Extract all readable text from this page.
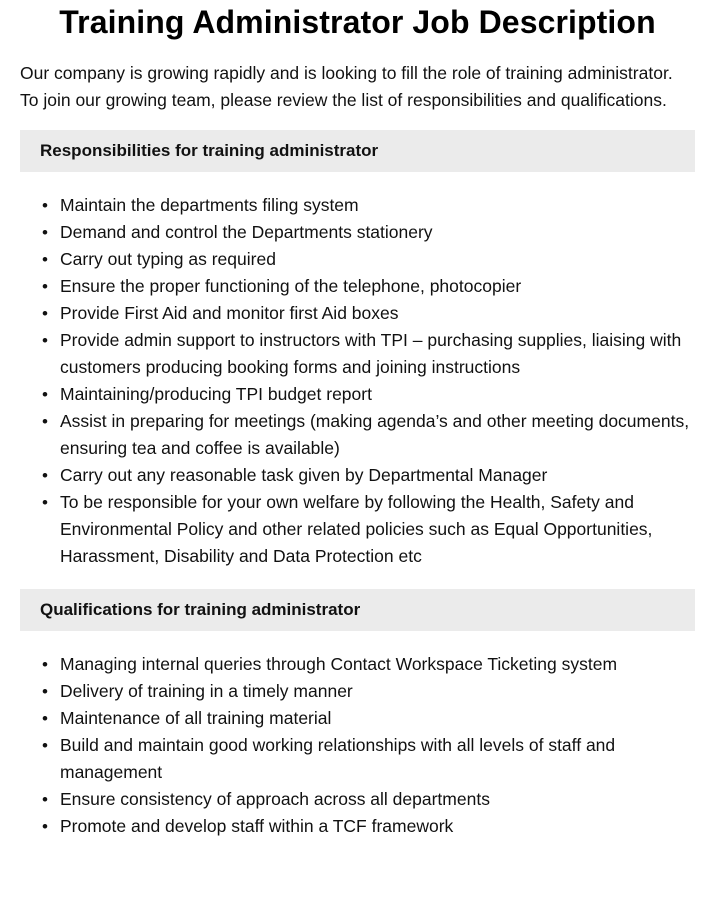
Training Administrator Job Description

Our company is growing rapidly and is looking to fill the role of training administrator. To join our growing team, please review the list of responsibilities and qualifications.

Responsibilities for training administrator
• Maintain the departments filing system
• Demand and control the Departments stationery
• Carry out typing as required
• Ensure the proper functioning of the telephone, photocopier
• Provide First Aid and monitor first Aid boxes
• Provide admin support to instructors with TPI – purchasing supplies, liaising with customers producing booking forms and joining instructions
• Maintaining/producing TPI budget report
• Assist in preparing for meetings (making agenda’s and other meeting documents, ensuring tea and coffee is available)
• Carry out any reasonable task given by Departmental Manager
• To be responsible for your own welfare by following the Health, Safety and Environmental Policy and other related policies such as Equal Opportunities, Harassment, Disability and Data Protection etc
Qualifications for training administrator
• Managing internal queries through Contact Workspace Ticketing system
• Delivery of training in a timely manner
• Maintenance of all training material
• Build and maintain good working relationships with all levels of staff and management
• Ensure consistency of approach across all departments
• Promote and develop staff within a TCF framework
